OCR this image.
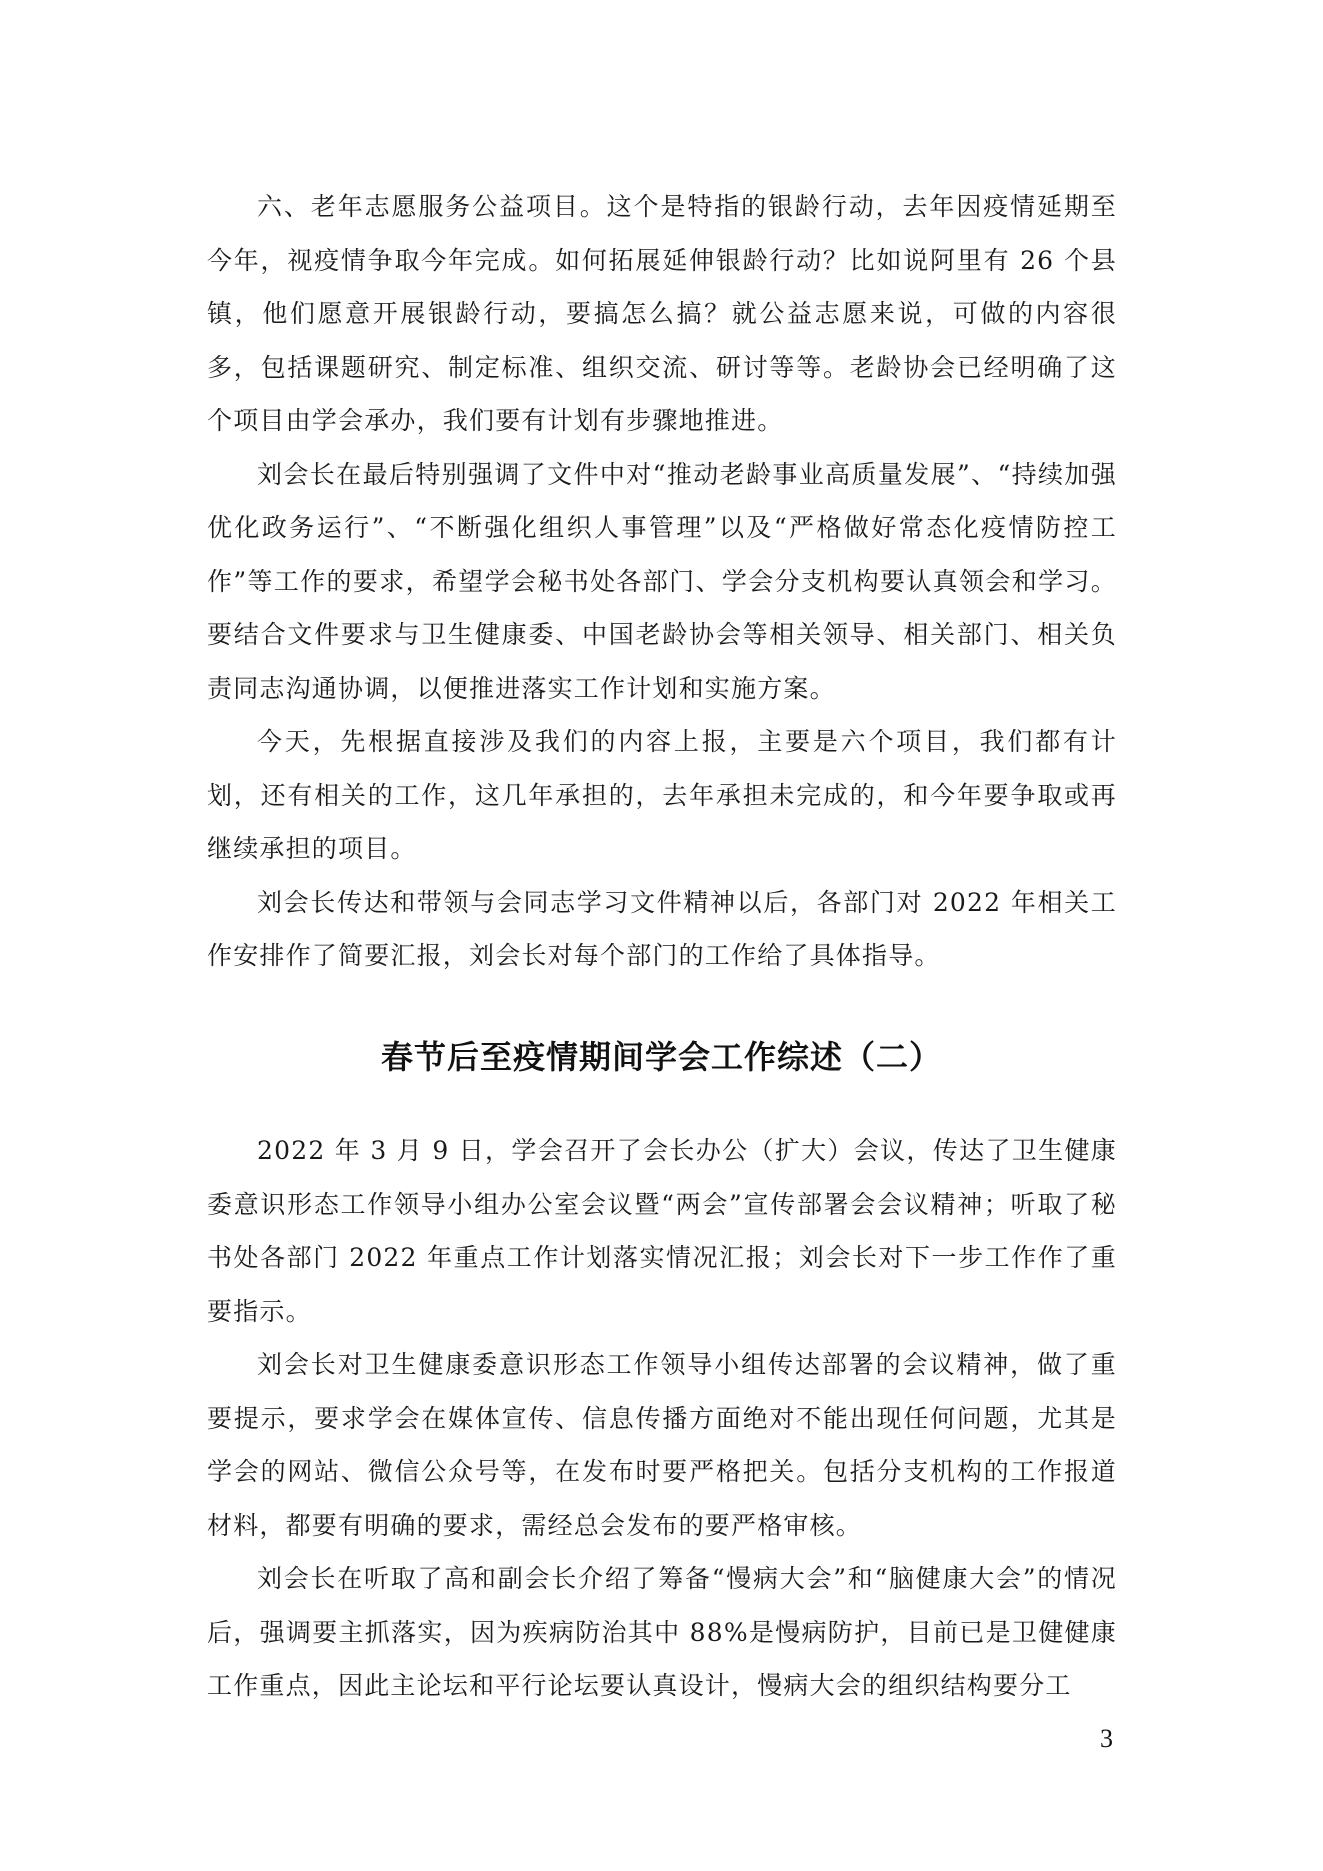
六、老年志愿服务公益项目。这个是特指的银龄行动，去年因疫情延期至今年，视疫情争取今年完成。如何拓展延伸银龄行动？比如说阿里有 26 个县镇，他们愿意开展银龄行动，要搞怎么搞？就公益志愿来说，可做的内容很多，包括课题研究、制定标准、组织交流、研讨等等。老龄协会已经明确了这个项目由学会承办，我们要有计划有步骤地推进。

刘会长在最后特别强调了文件中对“推动老龄事业高质量发展”、“持续加强优化政务运行”、“不断强化组织人事管理”以及“严格做好常态化疫情防控工作”等工作的要求，希望学会秘书处各部门、学会分支机构要认真领会和学习。要结合文件要求与卫生健康委、中国老龄协会等相关领导、相关部门、相关负责同志沟通协调，以便推进落实工作计划和实施方案。

今天，先根据直接涉及我们的内容上报，主要是六个项目，我们都有计划，还有相关的工作，这几年承担的，去年承担未完成的，和今年要争取或再继续承担的项目。

刘会长传达和带领与会同志学习文件精神以后，各部门对 2022 年相关工作安排作了简要汇报，刘会长对每个部门的工作给了具体指导。

春节后至疫情期间学会工作综述（二）

2022 年 3 月 9 日，学会召开了会长办公（扩大）会议，传达了卫生健康委意识形态工作领导小组办公室会议暨“两会”宣传部署会会议精神；听取了秘书处各部门 2022 年重点工作计划落实情况汇报；刘会长对下一步工作作了重要指示。

刘会长对卫生健康委意识形态工作领导小组传达部署的会议精神，做了重要提示，要求学会在媒体宣传、信息传播方面绝对不能出现任何问题，尤其是学会的网站、微信公众号等，在发布时要严格把关。包括分支机构的工作报道材料，都要有明确的要求，需经总会发布的要严格审核。

刘会长在听取了高和副会长介绍了筹备“慢病大会”和“脑健康大会”的情况后，强调要主抓落实，因为疾病防治其中 88%是慢病防护，目前已是卫健健康工作重点，因此主论坛和平行论坛要认真设计，慢病大会的组织结构要分工

3
